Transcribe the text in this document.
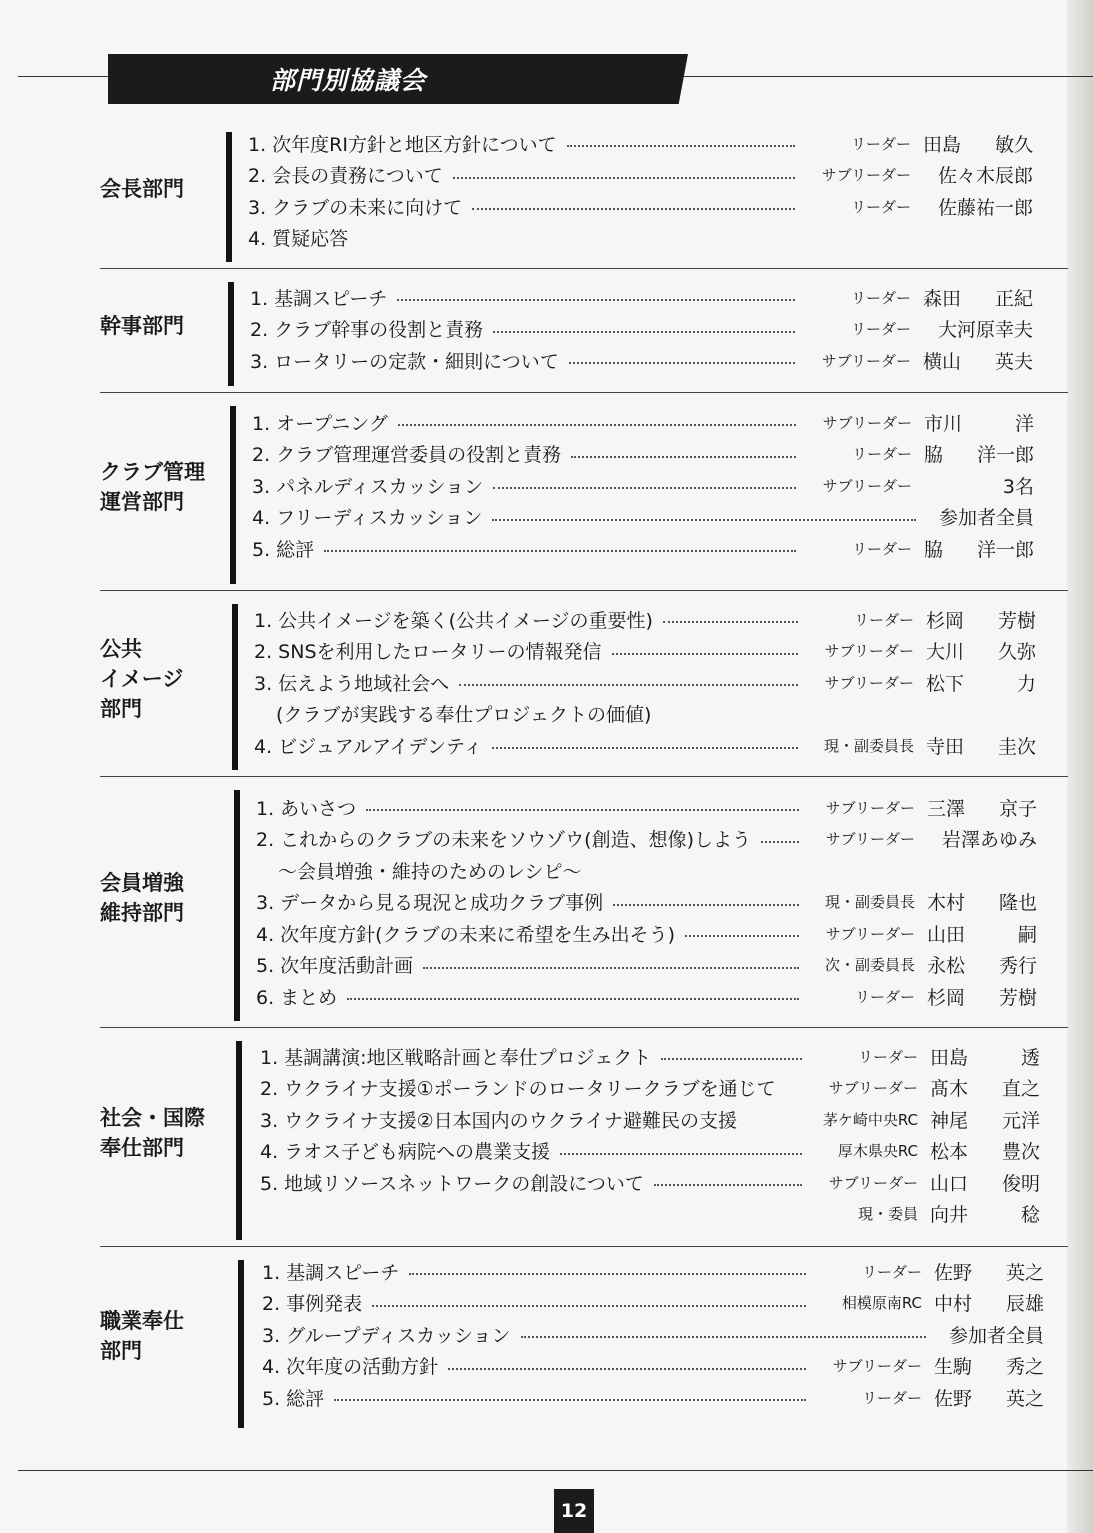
部門別協議会
会長部門
1. 次年度RI方針と地区方針について	リーダー 田島 敏久
2. 会長の責務について	サブリーダー 佐々木辰郎
3. クラブの未来に向けて	リーダー 佐藤祐一郎
4. 質疑応答
幹事部門
1. 基調スピーチ	リーダー 森田 正紀
2. クラブ幹事の役割と責務	リーダー 大河原幸夫
3. ロータリーの定款・細則について	サブリーダー 横山 英夫
クラブ管理
運営部門
1. オープニング	サブリーダー 市川	洋
2. クラブ管理運営委員の役割と責務	リーダー 脇 洋一郎
3. パネルディスカッション	サブリーダー	3名
4. フリーディスカッション	参加者全員
5. 総評	リーダー 脇 洋一郎
公共
イメージ
部門
1. 公共イメージを築く(公共イメージの重要性)	リーダー 杉岡 芳樹
2. SNSを利用したロータリーの情報発信	サブリーダー 大川 久弥
3. 伝えよう地域社会へ	サブリーダー 松下	力
(クラブが実践する奉仕プロジェクトの価値)
4. ビジュアルアイデンティ	現・副委員長 寺田 圭次
会員増強
維持部門
1. あいさつ	サブリーダー 三澤 京子
2. これからのクラブの未来をソウゾウ(創造、想像)しよう	サブリーダー 岩澤あゆみ
～会員増強・維持のためのレシピ～
3. データから見る現況と成功クラブ事例	現・副委員長 木村 隆也
4. 次年度方針(クラブの未来に希望を生み出そう)	サブリーダー 山田	嗣
5. 次年度活動計画	次・副委員長 永松 秀行
6. まとめ	リーダー 杉岡 芳樹
社会・国際
奉仕部門
1. 基調講演:地区戦略計画と奉仕プロジェクト	リーダー 田島	透
2. ウクライナ支援①ポーランドのロータリークラブを通じて	サブリーダー 髙木 直之
3. ウクライナ支援②日本国内のウクライナ避難民の支援	茅ケ崎中央RC 神尾 元洋
4. ラオス子ども病院への農業支援	厚木県央RC 松本 豊次
5. 地域リソースネットワークの創設について	サブリーダー 山口 俊明
現・委員 向井	稔
職業奉仕
部門
1. 基調スピーチ	リーダー 佐野 英之
2. 事例発表	相模原南RC 中村 辰雄
3. グループディスカッション	参加者全員
4. 次年度の活動方針	サブリーダー 生駒 秀之
5. 総評	リーダー 佐野 英之
12
